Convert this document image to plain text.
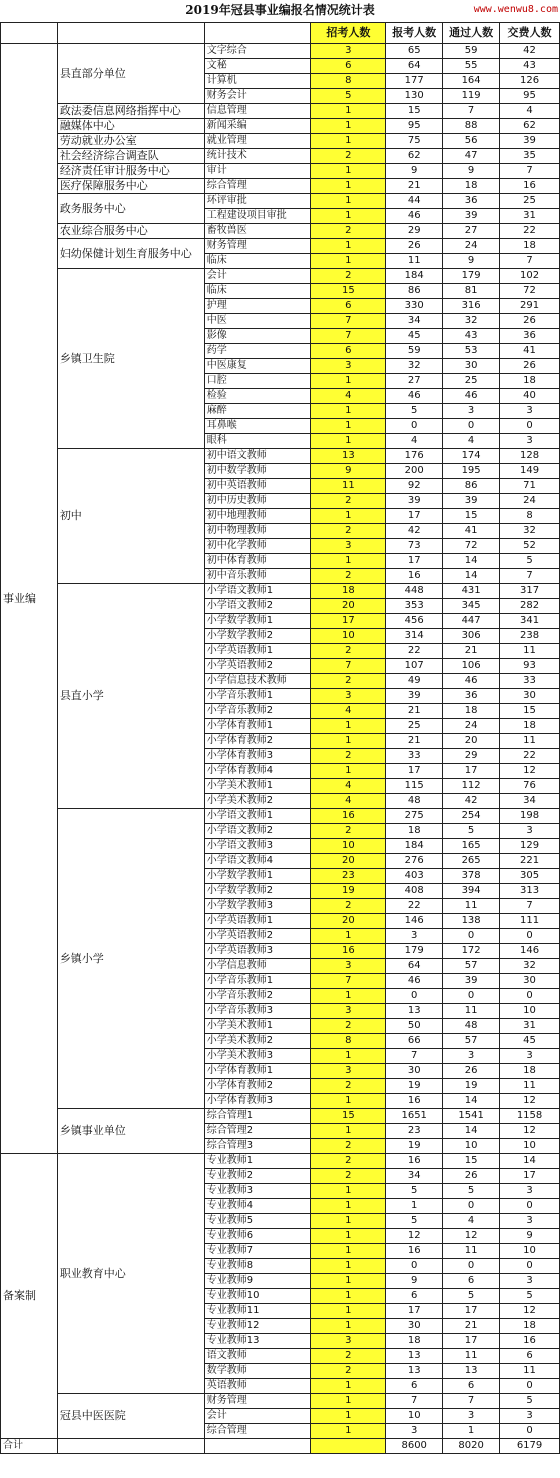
2019年冠县事业编报名情况统计表	www.wenwu8.com
			招考人数	报考人数	通过人数	交费人数
事业编	县直部分单位	文字综合	3	65	59	42
		文秘	6	64	55	43
		计算机	8	177	164	126
		财务会计	5	130	119	95
	政法委信息网络指挥中心	信息管理	1	15	7	4
	融媒体中心	新闻采编	1	95	88	62
	劳动就业办公室	就业管理	1	75	56	39
	社会经济综合调查队	统计技术	2	62	47	35
	经济责任审计服务中心	审计	1	9	9	7
	医疗保障服务中心	综合管理	1	21	18	16
	政务服务中心	环评审批	1	44	36	25
		工程建设项目审批	1	46	39	31
	农业综合服务中心	畜牧兽医	2	29	27	22
	妇幼保健计划生育服务中心	财务管理	1	26	24	18
		临床	1	11	9	7
	乡镇卫生院	会计	2	184	179	102
		临床	15	86	81	72
		护理	6	330	316	291
		中医	7	34	32	26
		影像	7	45	43	36
		药学	6	59	53	41
		中医康复	3	32	30	26
		口腔	1	27	25	18
		检验	4	46	46	40
		麻醉	1	5	3	3
		耳鼻喉	1	0	0	0
		眼科	1	4	4	3
	初中	初中语文教师	13	176	174	128
		初中数学教师	9	200	195	149
		初中英语教师	11	92	86	71
		初中历史教师	2	39	39	24
		初中地理教师	1	17	15	8
		初中物理教师	2	42	41	32
		初中化学教师	3	73	72	52
		初中体育教师	1	17	14	5
		初中音乐教师	2	16	14	7
	县直小学	小学语文教师1	18	448	431	317
		小学语文教师2	20	353	345	282
		小学数学教师1	17	456	447	341
		小学数学教师2	10	314	306	238
		小学英语教师1	2	22	21	11
		小学英语教师2	7	107	106	93
		小学信息技术教师	2	49	46	33
		小学音乐教师1	3	39	36	30
		小学音乐教师2	4	21	18	15
		小学体育教师1	1	25	24	18
		小学体育教师2	1	21	20	11
		小学体育教师3	2	33	29	22
		小学体育教师4	1	17	17	12
		小学美术教师1	4	115	112	76
		小学美术教师2	4	48	42	34
	乡镇小学	小学语文教师1	16	275	254	198
		小学语文教师2	2	18	5	3
		小学语文教师3	10	184	165	129
		小学语文教师4	20	276	265	221
		小学数学教师1	23	403	378	305
		小学数学教师2	19	408	394	313
		小学数学教师3	2	22	11	7
		小学英语教师1	20	146	138	111
		小学英语教师2	1	3	0	0
		小学英语教师3	16	179	172	146
		小学信息教师	3	64	57	32
		小学音乐教师1	7	46	39	30
		小学音乐教师2	1	0	0	0
		小学音乐教师3	3	13	11	10
		小学美术教师1	2	50	48	31
		小学美术教师2	8	66	57	45
		小学美术教师3	1	7	3	3
		小学体育教师1	3	30	26	18
		小学体育教师2	2	19	19	11
		小学体育教师3	1	16	14	12
	乡镇事业单位	综合管理1	15	1651	1541	1158
		综合管理2	1	23	14	12
		综合管理3	2	19	10	10
备案制	职业教育中心	专业教师1	2	16	15	14
		专业教师2	2	34	26	17
		专业教师3	1	5	5	3
		专业教师4	1	1	0	0
		专业教师5	1	5	4	3
		专业教师6	1	12	12	9
		专业教师7	1	16	11	10
		专业教师8	1	0	0	0
		专业教师9	1	9	6	3
		专业教师10	1	6	5	5
		专业教师11	1	17	17	12
		专业教师12	1	30	21	18
		专业教师13	3	18	17	16
		语文教师	2	13	11	6
		数学教师	2	13	13	11
		英语教师	1	6	6	0
	冠县中医医院	财务管理	1	7	7	5
		会计	1	10	3	3
		综合管理	1	3	1	0
合计				8600	8020	6179
